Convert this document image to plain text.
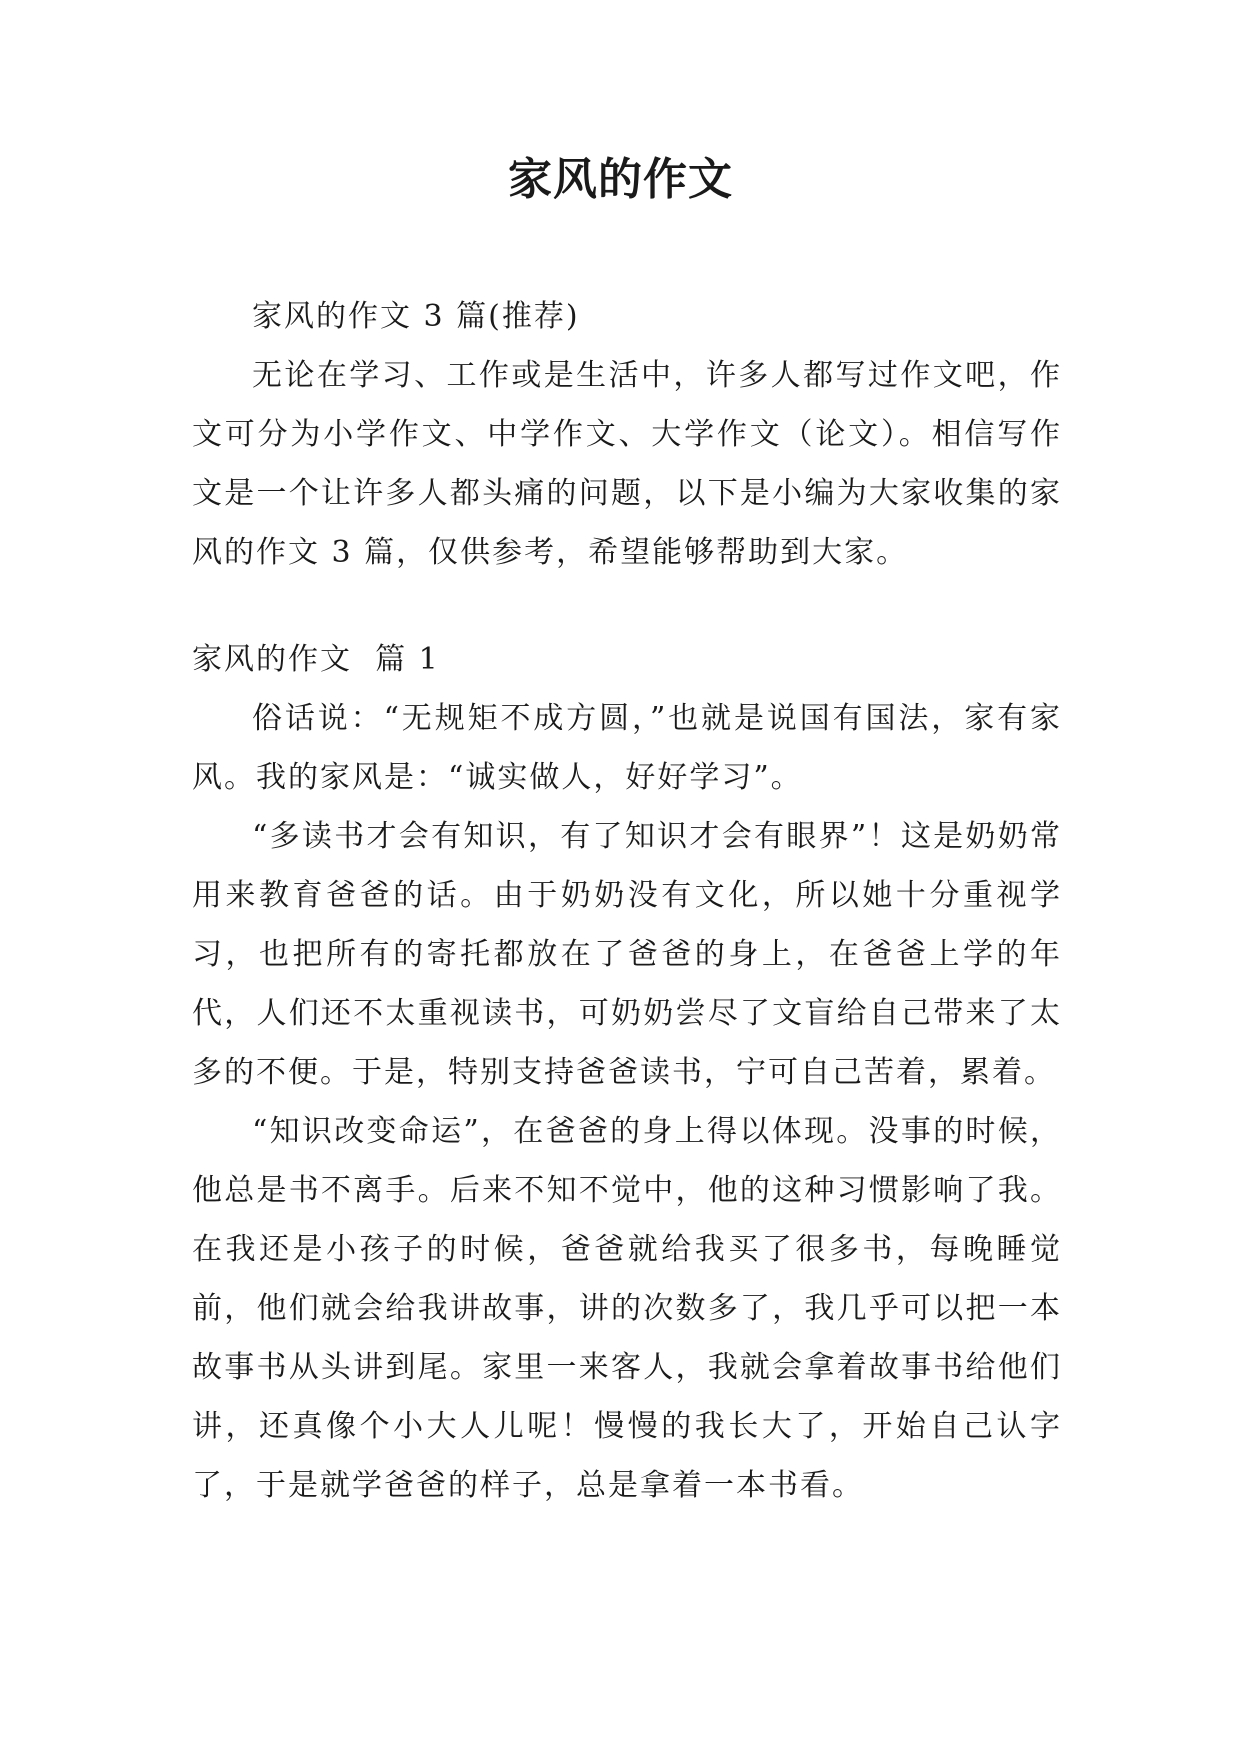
家风的作文

家风的作文 3 篇(推荐)

无论在学习、工作或是生活中，许多人都写过作文吧，作文可分为小学作文、中学作文、大学作文（论文）。相信写作文是一个让许多人都头痛的问题，以下是小编为大家收集的家风的作文 3 篇，仅供参考，希望能够帮助到大家。

家风的作文  篇 1

俗话说：“无规矩不成方圆，”也就是说国有国法，家有家风。我的家风是：“诚实做人，好好学习”。

“多读书才会有知识，有了知识才会有眼界”！这是奶奶常用来教育爸爸的话。由于奶奶没有文化，所以她十分重视学习，也把所有的寄托都放在了爸爸的身上，在爸爸上学的年代，人们还不太重视读书，可奶奶尝尽了文盲给自己带来了太多的不便。于是，特别支持爸爸读书，宁可自己苦着，累着。

“知识改变命运”，在爸爸的身上得以体现。没事的时候，他总是书不离手。后来不知不觉中，他的这种习惯影响了我。在我还是小孩子的时候，爸爸就给我买了很多书，每晚睡觉前，他们就会给我讲故事，讲的次数多了，我几乎可以把一本故事书从头讲到尾。家里一来客人，我就会拿着故事书给他们讲，还真像个小大人儿呢！慢慢的我长大了，开始自己认字了，于是就学爸爸的样子，总是拿着一本书看。
